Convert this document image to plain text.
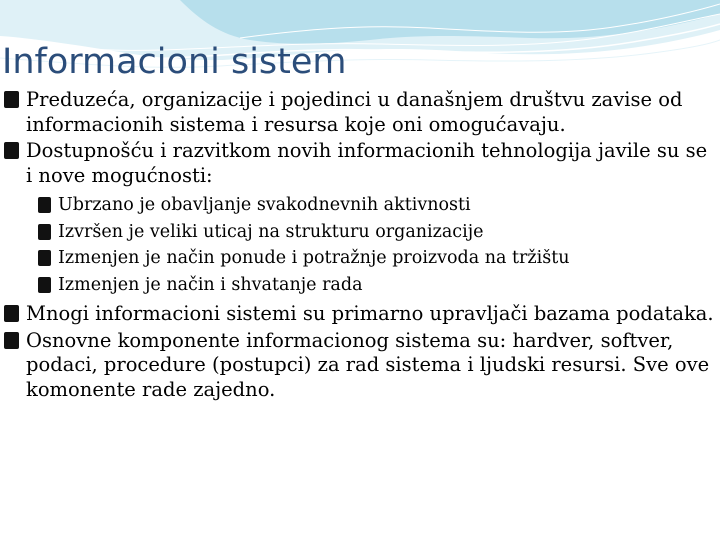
Informacioni sistem

Preduzeća, organizacije i pojedinci u današnjem društvu zavise od informacionih sistema i resursa koje oni omogućavaju.

Dostupnošću i razvitkom novih informacionih tehnologija javile su se i nove mogućnosti:

Ubrzano je obavljanje svakodnevnih aktivnosti

Izvršen je veliki uticaj na strukturu organizacije

Izmenjen je način ponude i potražnje proizvoda na tržištu

Izmenjen je način i shvatanje rada

Mnogi informacioni sistemi su primarno upravljači bazama podataka.

Osnovne komponente informacionog sistema su: hardver, softver, podaci, procedure (postupci) za rad sistema i ljudski resursi. Sve ove komonente rade zajedno.
